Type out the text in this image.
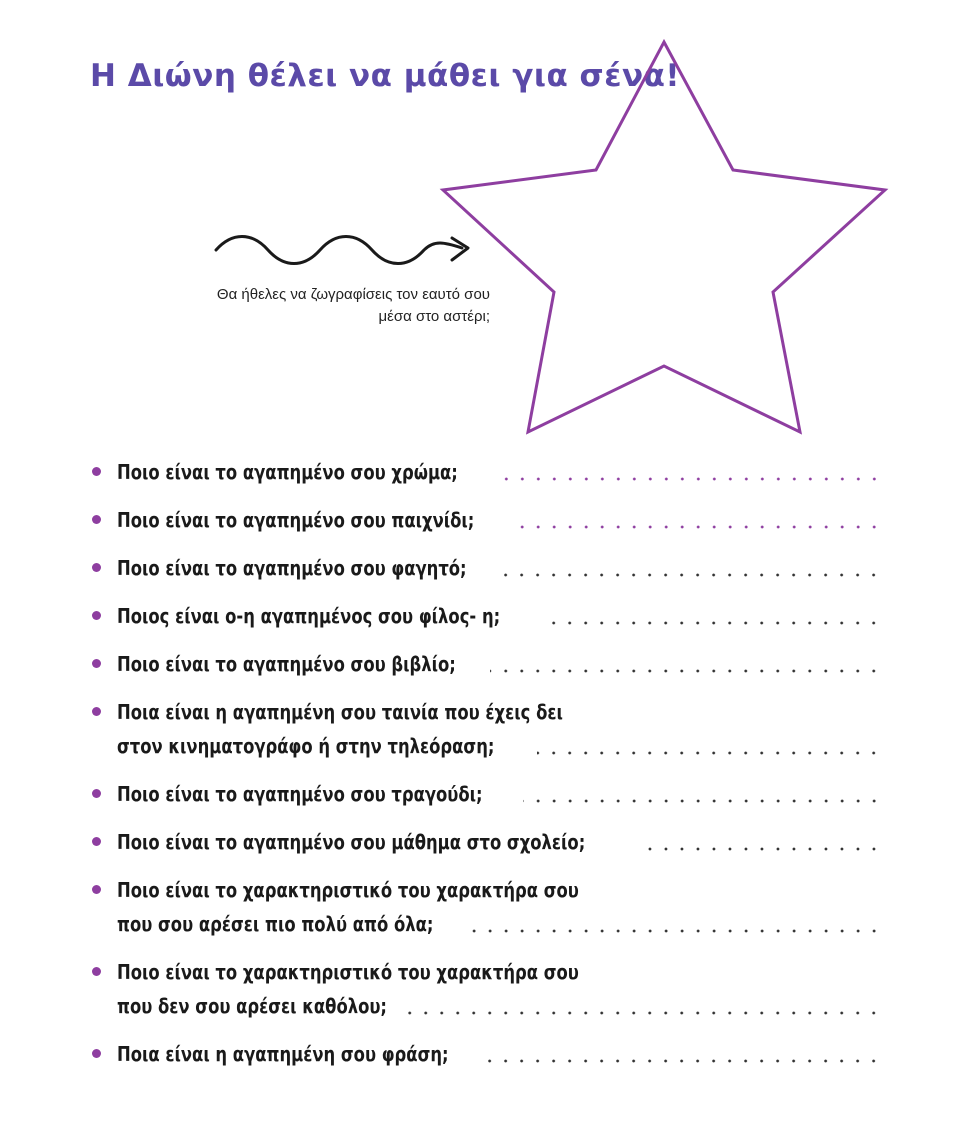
Η Διώνη θέλει να μάθει για σένα!
Θα ήθελες να ζωγραφίσεις τον εαυτό σου
μέσα στο αστέρι;
Ποιο είναι το αγαπημένο σου χρώμα;
Ποιο είναι το αγαπημένο σου παιχνίδι;
Ποιο είναι το αγαπημένο σου φαγητό;
Ποιος είναι ο-η αγαπημένος σου φίλος- η;
Ποιο είναι το αγαπημένο σου βιβλίο;
Ποια είναι η αγαπημένη σου ταινία που έχεις δει
στον κινηματογράφο ή στην τηλεόραση;
Ποιο είναι το αγαπημένο σου τραγούδι;
Ποιο είναι το αγαπημένο σου μάθημα στο σχολείο;
Ποιο είναι το χαρακτηριστικό του χαρακτήρα σου
που σου αρέσει πιο πολύ από όλα;
Ποιο είναι το χαρακτηριστικό του χαρακτήρα σου
που δεν σου αρέσει καθόλου;
Ποια είναι η αγαπημένη σου φράση;
